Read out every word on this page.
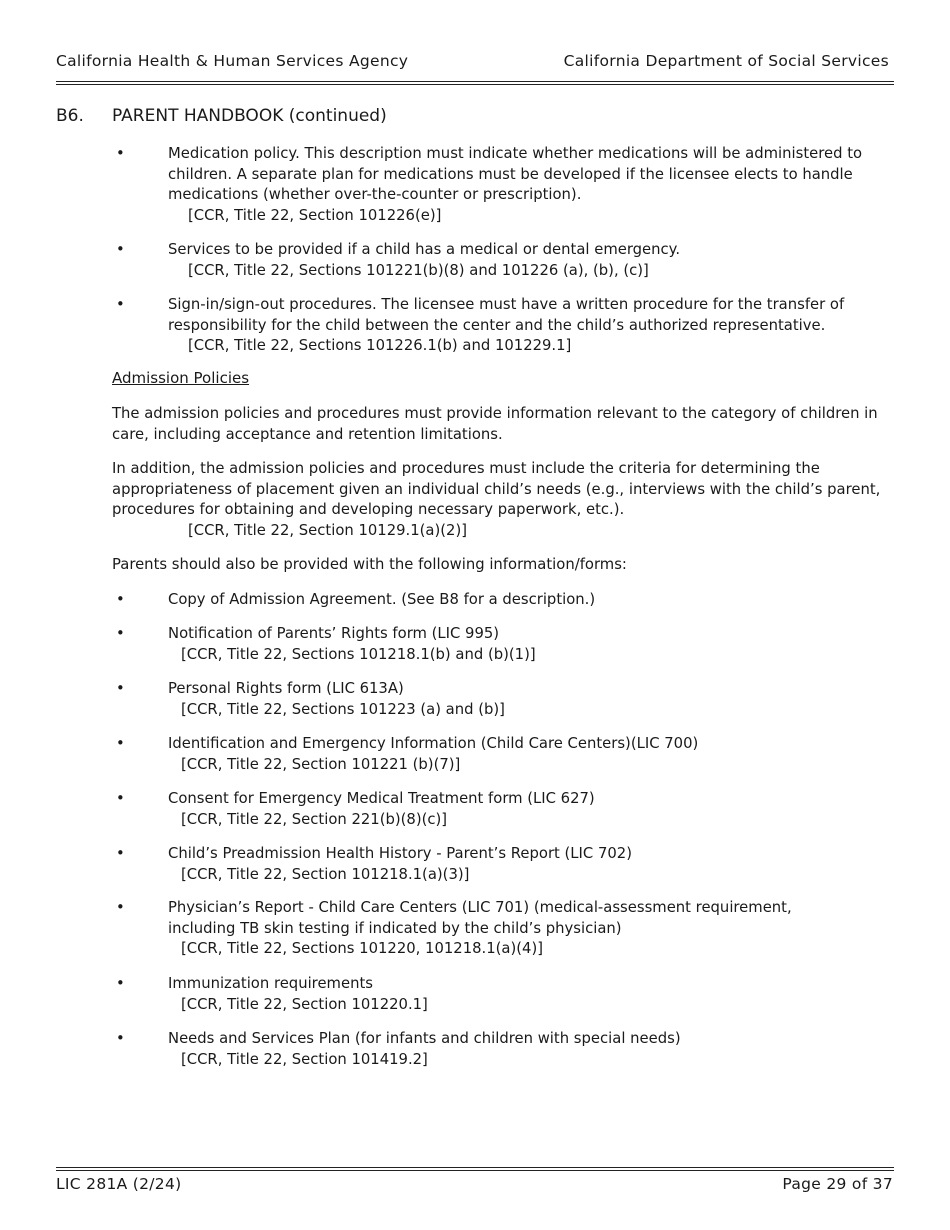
California Health & Human Services Agency	California Department of Social Services
B6. PARENT HANDBOOK (continued)
•	Medication policy. This description must indicate whether medications will be administered to children. A separate plan for medications must be developed if the licensee elects to handle medications (whether over-the-counter or prescription).
[CCR, Title 22, Section 101226(e)]
•	Services to be provided if a child has a medical or dental emergency.
[CCR, Title 22, Sections 101221(b)(8) and 101226 (a), (b), (c)]
•	Sign-in/sign-out procedures. The licensee must have a written procedure for the transfer of responsibility for the child between the center and the child’s authorized representative.
[CCR, Title 22, Sections 101226.1(b) and 101229.1]
Admission Policies
The admission policies and procedures must provide information relevant to the category of children in care, including acceptance and retention limitations.
In addition, the admission policies and procedures must include the criteria for determining the appropriateness of placement given an individual child’s needs (e.g., interviews with the child’s parent, procedures for obtaining and developing necessary paperwork, etc.).
[CCR, Title 22, Section 10129.1(a)(2)]
Parents should also be provided with the following information/forms:
•	Copy of Admission Agreement. (See B8 for a description.)
•	Notification of Parents’ Rights form (LIC 995)
[CCR, Title 22, Sections 101218.1(b) and (b)(1)]
•	Personal Rights form (LIC 613A)
[CCR, Title 22, Sections 101223 (a) and (b)]
•	Identification and Emergency Information (Child Care Centers)(LIC 700)
[CCR, Title 22, Section 101221 (b)(7)]
•	Consent for Emergency Medical Treatment form (LIC 627)
[CCR, Title 22, Section 221(b)(8)(c)]
•	Child’s Preadmission Health History - Parent’s Report (LIC 702)
[CCR, Title 22, Section 101218.1(a)(3)]
•	Physician’s Report - Child Care Centers (LIC 701) (medical-assessment requirement, including TB skin testing if indicated by the child’s physician)
[CCR, Title 22, Sections 101220, 101218.1(a)(4)]
•	Immunization requirements
[CCR, Title 22, Section 101220.1]
•	Needs and Services Plan (for infants and children with special needs)
[CCR, Title 22, Section 101419.2]
LIC 281A (2/24)	Page 29 of 37
